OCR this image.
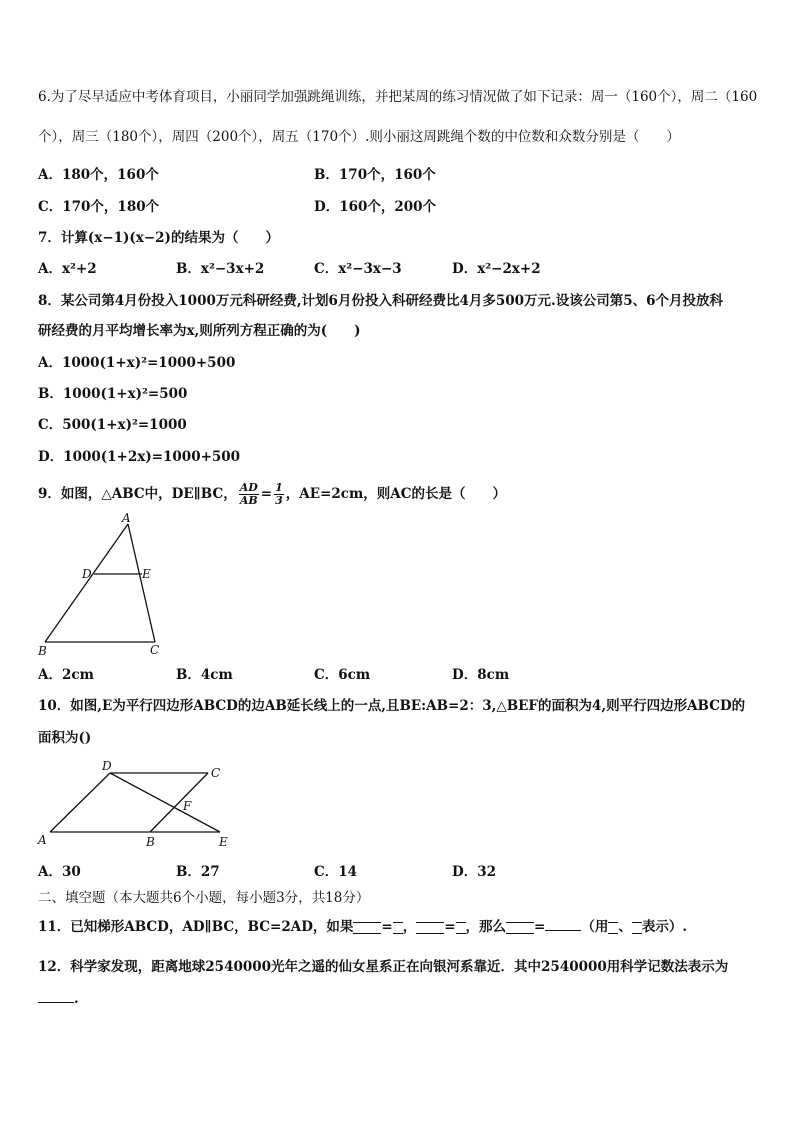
6.为了尽早适应中考体育项目，小丽同学加强跳绳训练，并把某周的练习情况做了如下记录：周一（160个），周二（160
个），周三（180个），周四（200个），周五（170个）.则小丽这周跳绳个数的中位数和众数分别是（　　）
A．180个，160个	B．170个，160个
C．170个，180个	D．160个，200个
7．计算(x−1)(x−2)的结果为（　　）
A．x²+2	B．x²−3x+2	C．x²−3x−3	D．x²−2x+2
8．某公司第4月份投入1000万元科研经费,计划6月份投入科研经费比4月多500万元.设该公司第5、6个月投放科
研经费的月平均增长率为x,则所列方程正确的为(　　)
A．1000(1+x)²=1000+500
B．1000(1+x)²=500
C．500(1+x)²=1000
D．1000(1+2x)=1000+500
9．如图，△ABC中，DE∥BC， $\frac{AD}{AB} = \frac{1}{3}$ ，AE=2cm，则AC的长是（　　）
A
D	E
B	C
A．2cm	B．4cm	C．6cm	D．8cm
10．如图,E为平行四边形ABCD的边AB延长线上的一点,且BE:AB=2：3,△BEF的面积为4,则平行四边形ABCD的
面积为()
D	C
F
A	B	E
A．30	B．27	C．14	D．32
二、填空题（本大题共6个小题，每小题3分，共18分）
11．已知梯形ABCD，AD∥BC，BC=2AD，如果 = ， = ，那么 =	（用 、 表示）.
12．科学家发现，距离地球2540000光年之遥的仙女星系正在向银河系靠近．其中2540000用科学记数法表示为
.
